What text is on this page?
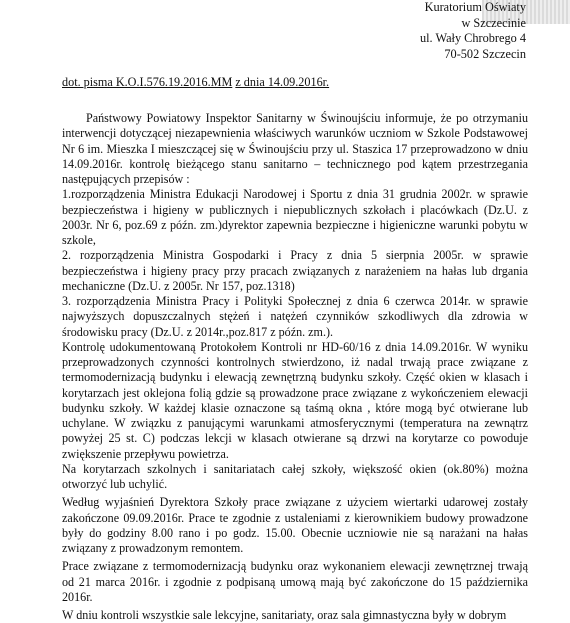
Kuratorium Oświaty
w Szczecinie
ul. Wały Chrobrego 4
70-502 Szczecin
dot. pisma K.O.I.576.19.2016.MM z dnia 14.09.2016r.

Państwowy Powiatowy Inspektor Sanitarny w Świnoujściu informuje, że po otrzymaniu interwencji dotyczącej niezapewnienia właściwych warunków uczniom w Szkole Podstawowej Nr 6 im. Mieszka I mieszczącej się w Świnoujściu przy ul. Staszica 17 przeprowadzono w dniu 14.09.2016r. kontrolę bieżącego stanu sanitarno – technicznego pod kątem przestrzegania następujących przepisów :

1.rozporządzenia Ministra Edukacji Narodowej i Sportu z dnia 31 grudnia 2002r. w sprawie bezpieczeństwa i higieny w publicznych i niepublicznych szkołach i placówkach (Dz.U. z 2003r. Nr 6, poz.69 z późn. zm.)dyrektor zapewnia bezpieczne i higieniczne warunki pobytu w szkole,

2. rozporządzenia Ministra Gospodarki i Pracy z dnia 5 sierpnia 2005r. w sprawie bezpieczeństwa i higieny pracy przy pracach związanych z narażeniem na hałas lub drgania mechaniczne (Dz.U. z 2005r. Nr 157, poz.1318)

3. rozporządzenia Ministra Pracy i Polityki Społecznej z dnia 6 czerwca 2014r. w sprawie najwyższych dopuszczalnych stężeń i natężeń czynników szkodliwych dla zdrowia w środowisku pracy (Dz.U. z 2014r.,poz.817 z późn. zm.).

Kontrolę udokumentowaną Protokołem Kontroli nr HD-60/16 z dnia 14.09.2016r. W wyniku przeprowadzonych czynności kontrolnych stwierdzono, iż nadal trwają prace związane z termomodernizacją budynku i elewacją zewnętrzną budynku szkoły. Część okien w klasach i korytarzach jest oklejona folią gdzie są prowadzone prace związane z wykończeniem elewacji budynku szkoły. W każdej klasie oznaczone są taśmą okna , które mogą być otwierane lub uchylane. W związku z panującymi warunkami atmosferycznymi (temperatura na zewnątrz powyżej 25 st. C) podczas lekcji w klasach otwierane są drzwi na korytarze co powoduje zwiększenie przepływu powietrza.

Na korytarzach szkolnych i sanitariatach całej szkoły, większość okien (ok.80%) można otworzyć lub uchylić.

Według wyjaśnień Dyrektora Szkoły prace związane z użyciem wiertarki udarowej zostały zakończone 09.09.2016r. Prace te zgodnie z ustaleniami z kierownikiem budowy prowadzone były do godziny 8.00 rano i po godz. 15.00. Obecnie uczniowie nie są narażani na hałas związany z prowadzonym remontem.

Prace związane z termomodernizacją budynku oraz wykonaniem elewacji zewnętrznej trwają od 21 marca 2016r. i zgodnie z podpisaną umową mają być zakończone do 15 października 2016r.

W dniu kontroli wszystkie sale lekcyjne, sanitariaty, oraz sala gimnastyczna były w dobrym
